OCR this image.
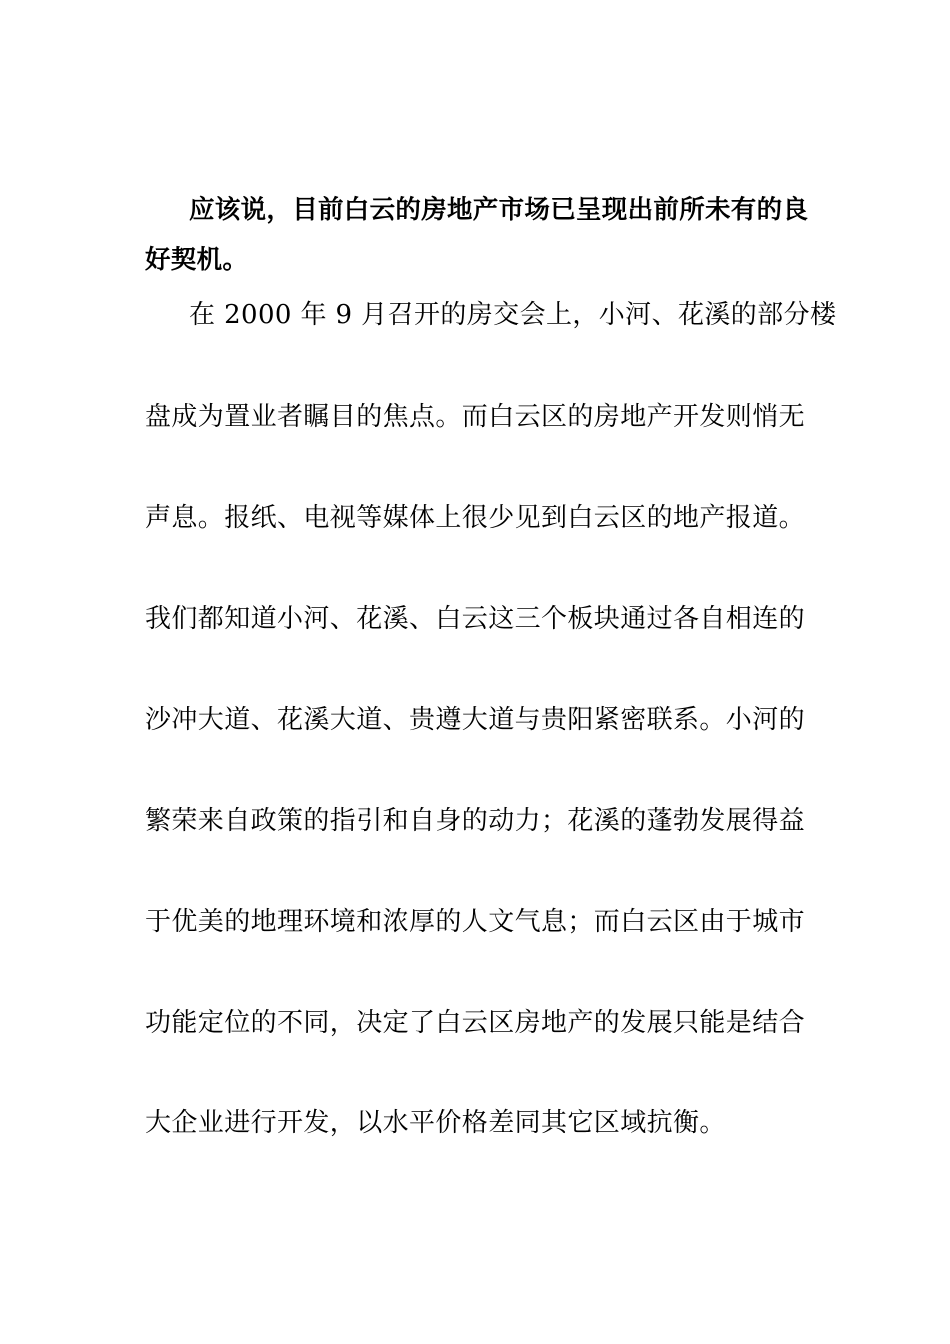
应该说，目前白云的房地产市场已呈现出前所未有的良
好契机。
在 2000 年 9 月召开的房交会上，小河、花溪的部分楼
盘成为置业者瞩目的焦点。而白云区的房地产开发则悄无
声息。报纸、电视等媒体上很少见到白云区的地产报道。
我们都知道小河、花溪、白云这三个板块通过各自相连的
沙冲大道、花溪大道、贵遵大道与贵阳紧密联系。小河的
繁荣来自政策的指引和自身的动力；花溪的蓬勃发展得益
于优美的地理环境和浓厚的人文气息；而白云区由于城市
功能定位的不同，决定了白云区房地产的发展只能是结合
大企业进行开发，以水平价格差同其它区域抗衡。
